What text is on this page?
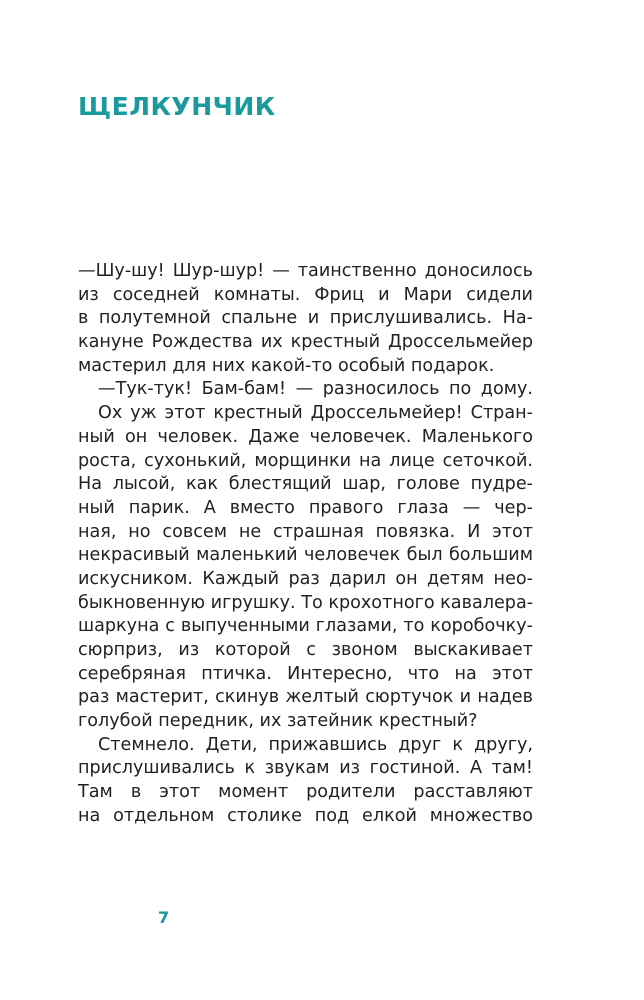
ЩЕЛКУНЧИК
—Шу-шу! Шур-шур! — таинственно доносилось
из соседней комнаты. Фриц и Мари сидели
в полутемной спальне и прислушивались. На-
кануне Рождества их крестный Дроссельмейер
мастерил для них какой-то особый подарок.
—Тук-тук! Бам-бам! — разносилось по дому.
Ох уж этот крестный Дроссельмейер! Стран-
ный он человек. Даже человечек. Маленького
роста, сухонький, морщинки на лице сеточкой.
На лысой, как блестящий шар, голове пудре-
ный парик. А вместо правого глаза — чер-
ная, но совсем не страшная повязка. И этот
некрасивый маленький человечек был большим
искусником. Каждый раз дарил он детям нео-
быкновенную игрушку. То крохотного кавалера-
шаркуна с выпученными глазами, то коробочку-
сюрприз, из которой с звоном выскакивает
серебряная птичка. Интересно, что на этот
раз мастерит, скинув желтый сюртучок и надев
голубой передник, их затейник крестный?
Стемнело. Дети, прижавшись друг к другу,
прислушивались к звукам из гостиной. А там!
Там в этот момент родители расставляют
на отдельном столике под елкой множество
7
